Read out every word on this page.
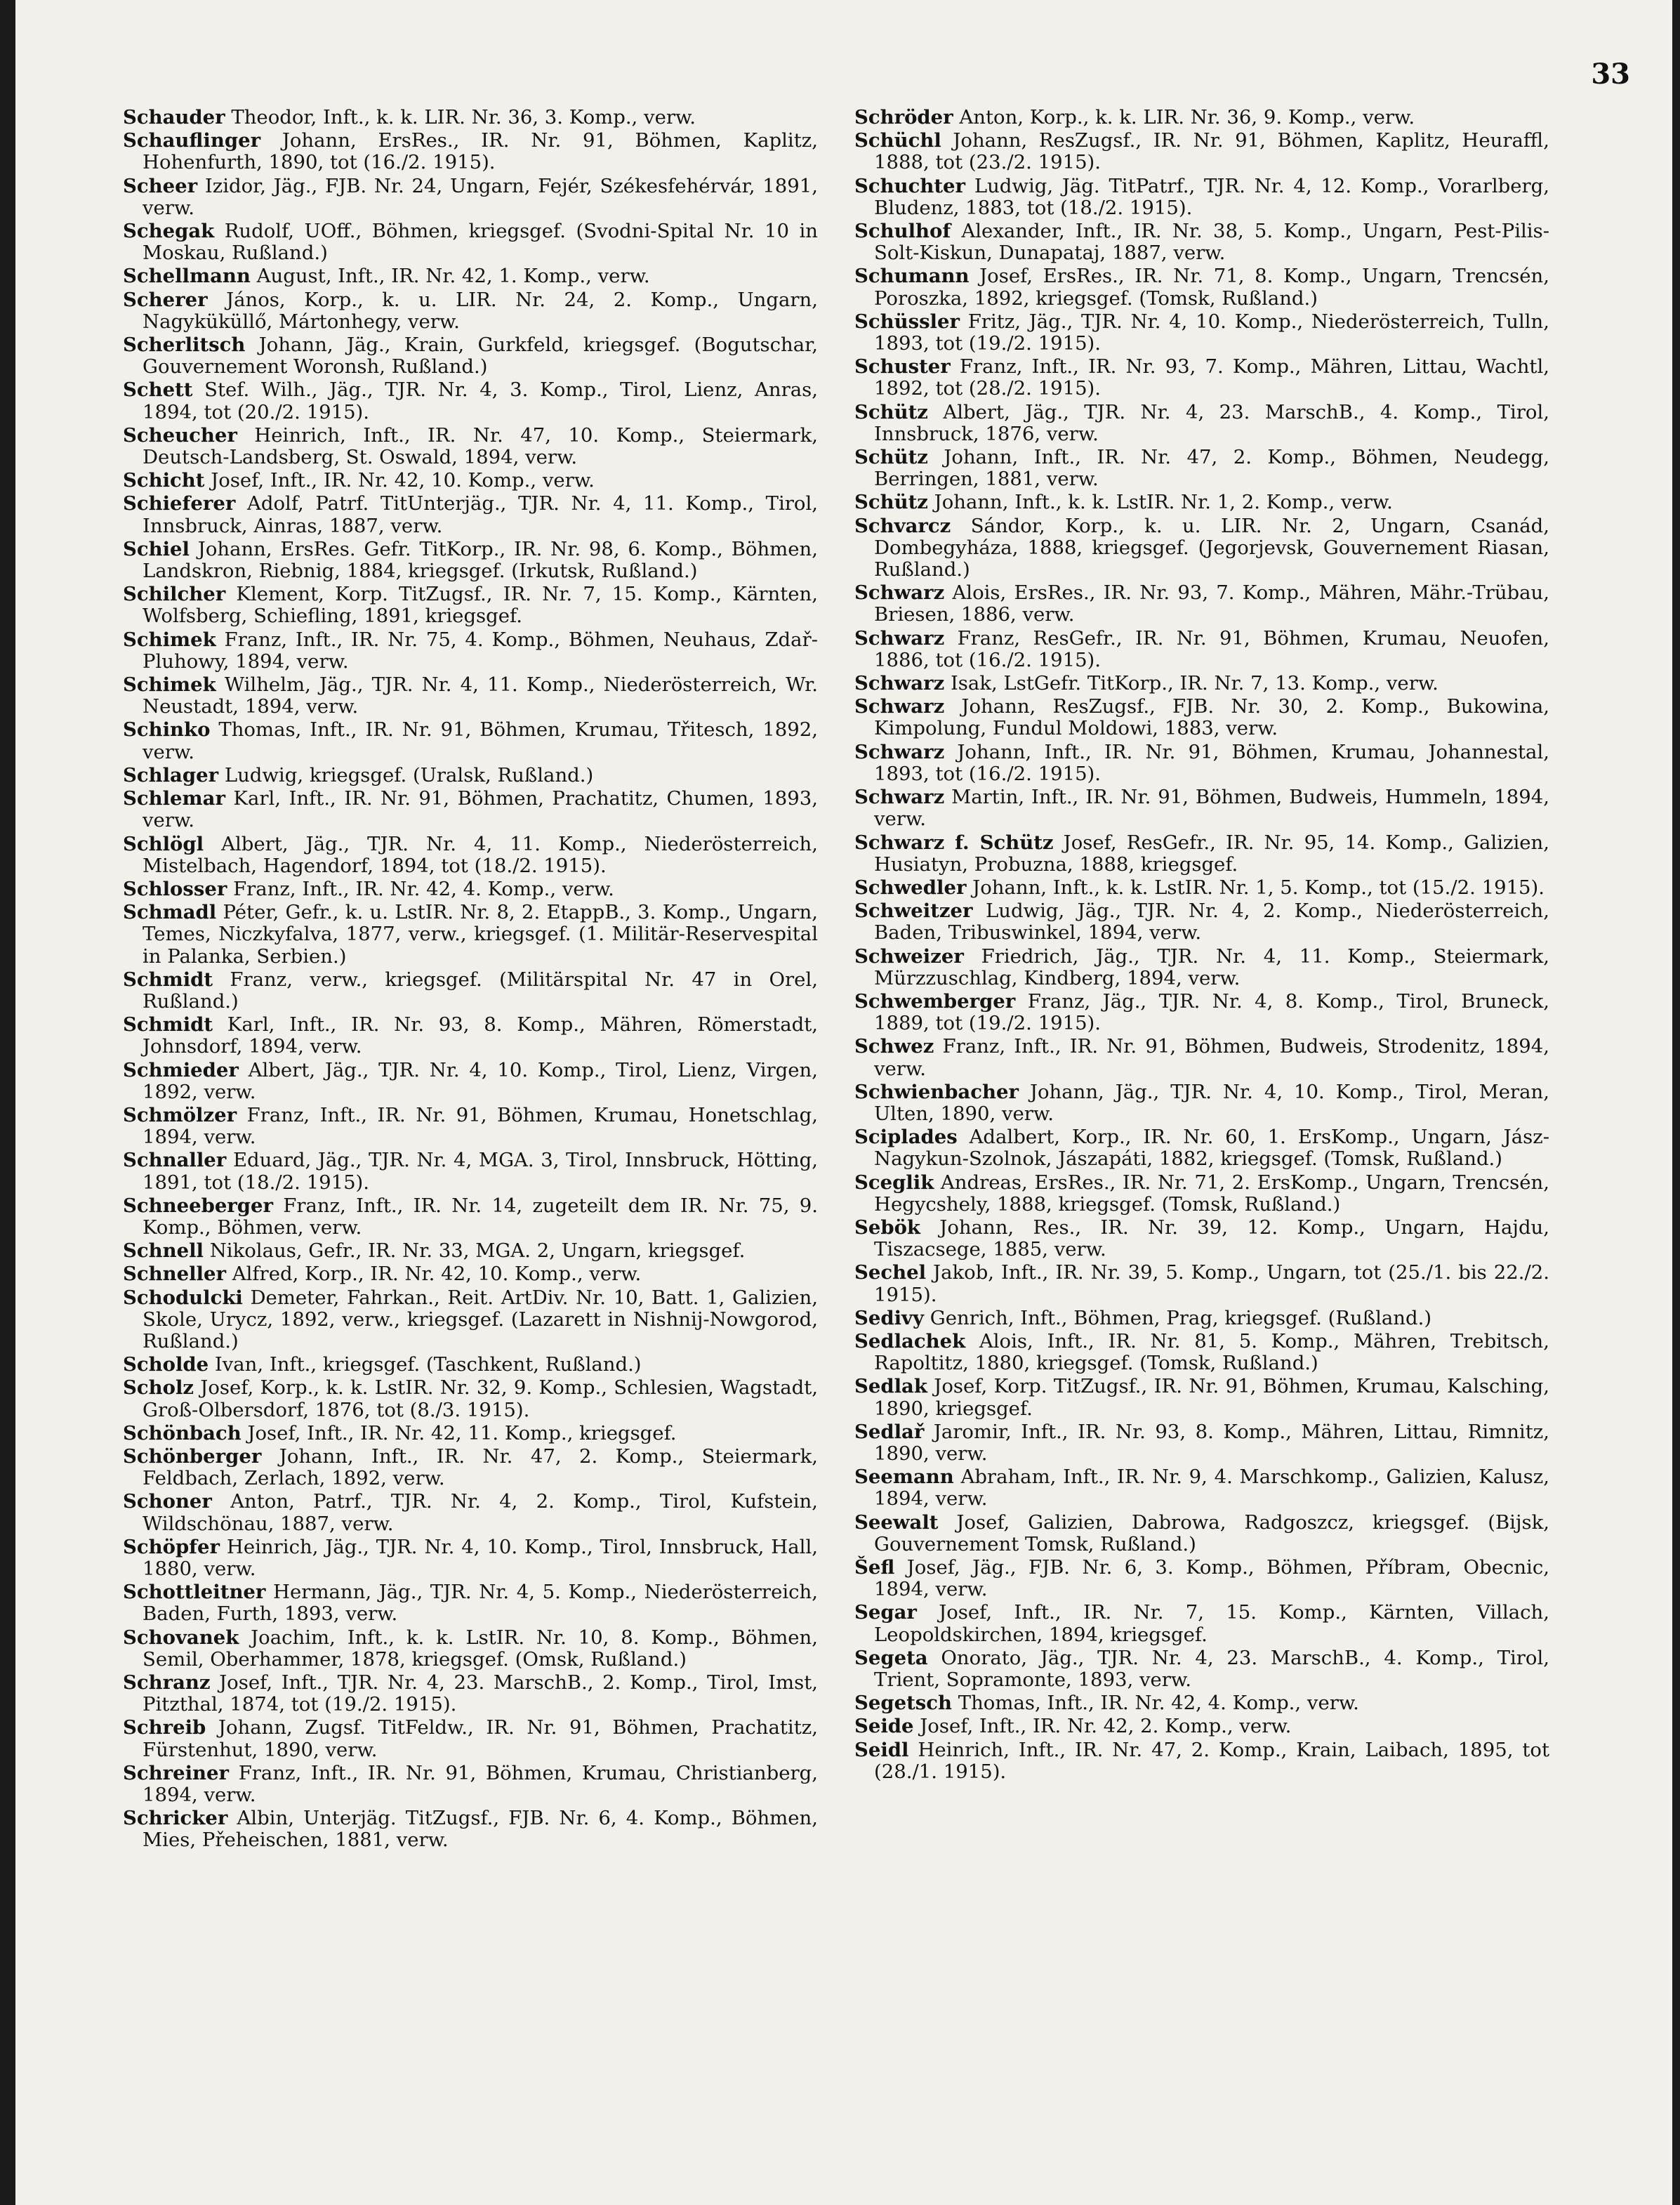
33
Schauder Theodor, Inft., k. k. LIR. Nr. 36, 3. Komp., verw.
Schauflinger Johann, ErsRes., IR. Nr. 91, Böhmen, Kaplitz, Hohenfurth, 1890, tot (16./2. 1915).
Scheer Izidor, Jäg., FJB. Nr. 24, Ungarn, Fejér, Székesfehérvár, 1891, verw.
Schegak Rudolf, UOff., Böhmen, kriegsgef. (Svodni-Spital Nr. 10 in Moskau, Rußland.)
Schellmann August, Inft., IR. Nr. 42, 1. Komp., verw.
Scherer János, Korp., k. u. LIR. Nr. 24, 2. Komp., Ungarn, Nagyküküllő, Mártonhegy, verw.
Scherlitsch Johann, Jäg., Krain, Gurkfeld, kriegsgef. (Bogutschar, Gouvernement Woronsh, Rußland.)
Schett Stef. Wilh., Jäg., TJR. Nr. 4, 3. Komp., Tirol, Lienz, Anras, 1894, tot (20./2. 1915).
Scheucher Heinrich, Inft., IR. Nr. 47, 10. Komp., Steiermark, Deutsch-Landsberg, St. Oswald, 1894, verw.
Schicht Josef, Inft., IR. Nr. 42, 10. Komp., verw.
Schieferer Adolf, Patrf. TitUnterjäg., TJR. Nr. 4, 11. Komp., Tirol, Innsbruck, Ainras, 1887, verw.
Schiel Johann, ErsRes. Gefr. TitKorp., IR. Nr. 98, 6. Komp., Böhmen, Landskron, Riebnig, 1884, kriegsgef. (Irkutsk, Rußland.)
Schilcher Klement, Korp. TitZugsf., IR. Nr. 7, 15. Komp., Kärnten, Wolfsberg, Schiefling, 1891, kriegsgef.
Schimek Franz, Inft., IR. Nr. 75, 4. Komp., Böhmen, Neuhaus, Zdař-Pluhowy, 1894, verw.
Schimek Wilhelm, Jäg., TJR. Nr. 4, 11. Komp., Niederösterreich, Wr. Neustadt, 1894, verw.
Schinko Thomas, Inft., IR. Nr. 91, Böhmen, Krumau, Třitesch, 1892, verw.
Schlager Ludwig, kriegsgef. (Uralsk, Rußland.)
Schlemar Karl, Inft., IR. Nr. 91, Böhmen, Prachatitz, Chumen, 1893, verw.
Schlögl Albert, Jäg., TJR. Nr. 4, 11. Komp., Niederösterreich, Mistelbach, Hagendorf, 1894, tot (18./2. 1915).
Schlosser Franz, Inft., IR. Nr. 42, 4. Komp., verw.
Schmadl Péter, Gefr., k. u. LstIR. Nr. 8, 2. EtappB., 3. Komp., Ungarn, Temes, Niczkyfalva, 1877, verw., kriegsgef. (1. Militär-Reservespital in Palanka, Serbien.)
Schmidt Franz, verw., kriegsgef. (Militärspital Nr. 47 in Orel, Rußland.)
Schmidt Karl, Inft., IR. Nr. 93, 8. Komp., Mähren, Römerstadt, Johnsdorf, 1894, verw.
Schmieder Albert, Jäg., TJR. Nr. 4, 10. Komp., Tirol, Lienz, Virgen, 1892, verw.
Schmölzer Franz, Inft., IR. Nr. 91, Böhmen, Krumau, Honetschlag, 1894, verw.
Schnaller Eduard, Jäg., TJR. Nr. 4, MGA. 3, Tirol, Innsbruck, Hötting, 1891, tot (18./2. 1915).
Schneeberger Franz, Inft., IR. Nr. 14, zugeteilt dem IR. Nr. 75, 9. Komp., Böhmen, verw.
Schnell Nikolaus, Gefr., IR. Nr. 33, MGA. 2, Ungarn, kriegsgef.
Schneller Alfred, Korp., IR. Nr. 42, 10. Komp., verw.
Schodulcki Demeter, Fahrkan., Reit. ArtDiv. Nr. 10, Batt. 1, Galizien, Skole, Urycz, 1892, verw., kriegsgef. (Lazarett in Nishnij-Nowgorod, Rußland.)
Scholde Ivan, Inft., kriegsgef. (Taschkent, Rußland.)
Scholz Josef, Korp., k. k. LstIR. Nr. 32, 9. Komp., Schlesien, Wagstadt, Groß-Olbersdorf, 1876, tot (8./3. 1915).
Schönbach Josef, Inft., IR. Nr. 42, 11. Komp., kriegsgef.
Schönberger Johann, Inft., IR. Nr. 47, 2. Komp., Steiermark, Feldbach, Zerlach, 1892, verw.
Schoner Anton, Patrf., TJR. Nr. 4, 2. Komp., Tirol, Kufstein, Wildschönau, 1887, verw.
Schöpfer Heinrich, Jäg., TJR. Nr. 4, 10. Komp., Tirol, Innsbruck, Hall, 1880, verw.
Schottleitner Hermann, Jäg., TJR. Nr. 4, 5. Komp., Niederösterreich, Baden, Furth, 1893, verw.
Schovanek Joachim, Inft., k. k. LstIR. Nr. 10, 8. Komp., Böhmen, Semil, Oberhammer, 1878, kriegsgef. (Omsk, Rußland.)
Schranz Josef, Inft., TJR. Nr. 4, 23. MarschB., 2. Komp., Tirol, Imst, Pitzthal, 1874, tot (19./2. 1915).
Schreib Johann, Zugsf. TitFeldw., IR. Nr. 91, Böhmen, Prachatitz, Fürstenhut, 1890, verw.
Schreiner Franz, Inft., IR. Nr. 91, Böhmen, Krumau, Christianberg, 1894, verw.
Schricker Albin, Unterjäg. TitZugsf., FJB. Nr. 6, 4. Komp., Böhmen, Mies, Přeheischen, 1881, verw.
Schröder Anton, Korp., k. k. LIR. Nr. 36, 9. Komp., verw.
Schüchl Johann, ResZugsf., IR. Nr. 91, Böhmen, Kaplitz, Heuraffl, 1888, tot (23./2. 1915).
Schuchter Ludwig, Jäg. TitPatrf., TJR. Nr. 4, 12. Komp., Vorarlberg, Bludenz, 1883, tot (18./2. 1915).
Schulhof Alexander, Inft., IR. Nr. 38, 5. Komp., Ungarn, Pest-Pilis-Solt-Kiskun, Dunapataj, 1887, verw.
Schumann Josef, ErsRes., IR. Nr. 71, 8. Komp., Ungarn, Trencsén, Poroszka, 1892, kriegsgef. (Tomsk, Rußland.)
Schüssler Fritz, Jäg., TJR. Nr. 4, 10. Komp., Niederösterreich, Tulln, 1893, tot (19./2. 1915).
Schuster Franz, Inft., IR. Nr. 93, 7. Komp., Mähren, Littau, Wachtl, 1892, tot (28./2. 1915).
Schütz Albert, Jäg., TJR. Nr. 4, 23. MarschB., 4. Komp., Tirol, Innsbruck, 1876, verw.
Schütz Johann, Inft., IR. Nr. 47, 2. Komp., Böhmen, Neudegg, Berringen, 1881, verw.
Schütz Johann, Inft., k. k. LstIR. Nr. 1, 2. Komp., verw.
Schvarcz Sándor, Korp., k. u. LIR. Nr. 2, Ungarn, Csanád, Dombegyháza, 1888, kriegsgef. (Jegorjevsk, Gouvernement Riasan, Rußland.)
Schwarz Alois, ErsRes., IR. Nr. 93, 7. Komp., Mähren, Mähr.-Trübau, Briesen, 1886, verw.
Schwarz Franz, ResGefr., IR. Nr. 91, Böhmen, Krumau, Neuofen, 1886, tot (16./2. 1915).
Schwarz Isak, LstGefr. TitKorp., IR. Nr. 7, 13. Komp., verw.
Schwarz Johann, ResZugsf., FJB. Nr. 30, 2. Komp., Bukowina, Kimpolung, Fundul Moldowi, 1883, verw.
Schwarz Johann, Inft., IR. Nr. 91, Böhmen, Krumau, Johannestal, 1893, tot (16./2. 1915).
Schwarz Martin, Inft., IR. Nr. 91, Böhmen, Budweis, Hummeln, 1894, verw.
Schwarz f. Schütz Josef, ResGefr., IR. Nr. 95, 14. Komp., Galizien, Husiatyn, Probuzna, 1888, kriegsgef.
Schwedler Johann, Inft., k. k. LstIR. Nr. 1, 5. Komp., tot (15./2. 1915).
Schweitzer Ludwig, Jäg., TJR. Nr. 4, 2. Komp., Niederösterreich, Baden, Tribuswinkel, 1894, verw.
Schweizer Friedrich, Jäg., TJR. Nr. 4, 11. Komp., Steiermark, Mürzzuschlag, Kindberg, 1894, verw.
Schwemberger Franz, Jäg., TJR. Nr. 4, 8. Komp., Tirol, Bruneck, 1889, tot (19./2. 1915).
Schwez Franz, Inft., IR. Nr. 91, Böhmen, Budweis, Strodenitz, 1894, verw.
Schwienbacher Johann, Jäg., TJR. Nr. 4, 10. Komp., Tirol, Meran, Ulten, 1890, verw.
Sciplades Adalbert, Korp., IR. Nr. 60, 1. ErsKomp., Ungarn, Jász-Nagykun-Szolnok, Jászapáti, 1882, kriegsgef. (Tomsk, Rußland.)
Sceglik Andreas, ErsRes., IR. Nr. 71, 2. ErsKomp., Ungarn, Trencsén, Hegycshely, 1888, kriegsgef. (Tomsk, Rußland.)
Sebök Johann, Res., IR. Nr. 39, 12. Komp., Ungarn, Hajdu, Tiszacsege, 1885, verw.
Sechel Jakob, Inft., IR. Nr. 39, 5. Komp., Ungarn, tot (25./1. bis 22./2. 1915).
Sedivy Genrich, Inft., Böhmen, Prag, kriegsgef. (Rußland.)
Sedlachek Alois, Inft., IR. Nr. 81, 5. Komp., Mähren, Trebitsch, Rapoltitz, 1880, kriegsgef. (Tomsk, Rußland.)
Sedlak Josef, Korp. TitZugsf., IR. Nr. 91, Böhmen, Krumau, Kalsching, 1890, kriegsgef.
Sedlař Jaromir, Inft., IR. Nr. 93, 8. Komp., Mähren, Littau, Rimnitz, 1890, verw.
Seemann Abraham, Inft., IR. Nr. 9, 4. Marschkomp., Galizien, Kalusz, 1894, verw.
Seewalt Josef, Galizien, Dabrowa, Radgoszcz, kriegsgef. (Bijsk, Gouvernement Tomsk, Rußland.)
Šefl Josef, Jäg., FJB. Nr. 6, 3. Komp., Böhmen, Příbram, Obecnic, 1894, verw.
Segar Josef, Inft., IR. Nr. 7, 15. Komp., Kärnten, Villach, Leopoldskirchen, 1894, kriegsgef.
Segeta Onorato, Jäg., TJR. Nr. 4, 23. MarschB., 4. Komp., Tirol, Trient, Sopramonte, 1893, verw.
Segetsch Thomas, Inft., IR. Nr. 42, 4. Komp., verw.
Seide Josef, Inft., IR. Nr. 42, 2. Komp., verw.
Seidl Heinrich, Inft., IR. Nr. 47, 2. Komp., Krain, Laibach, 1895, tot (28./1. 1915).
